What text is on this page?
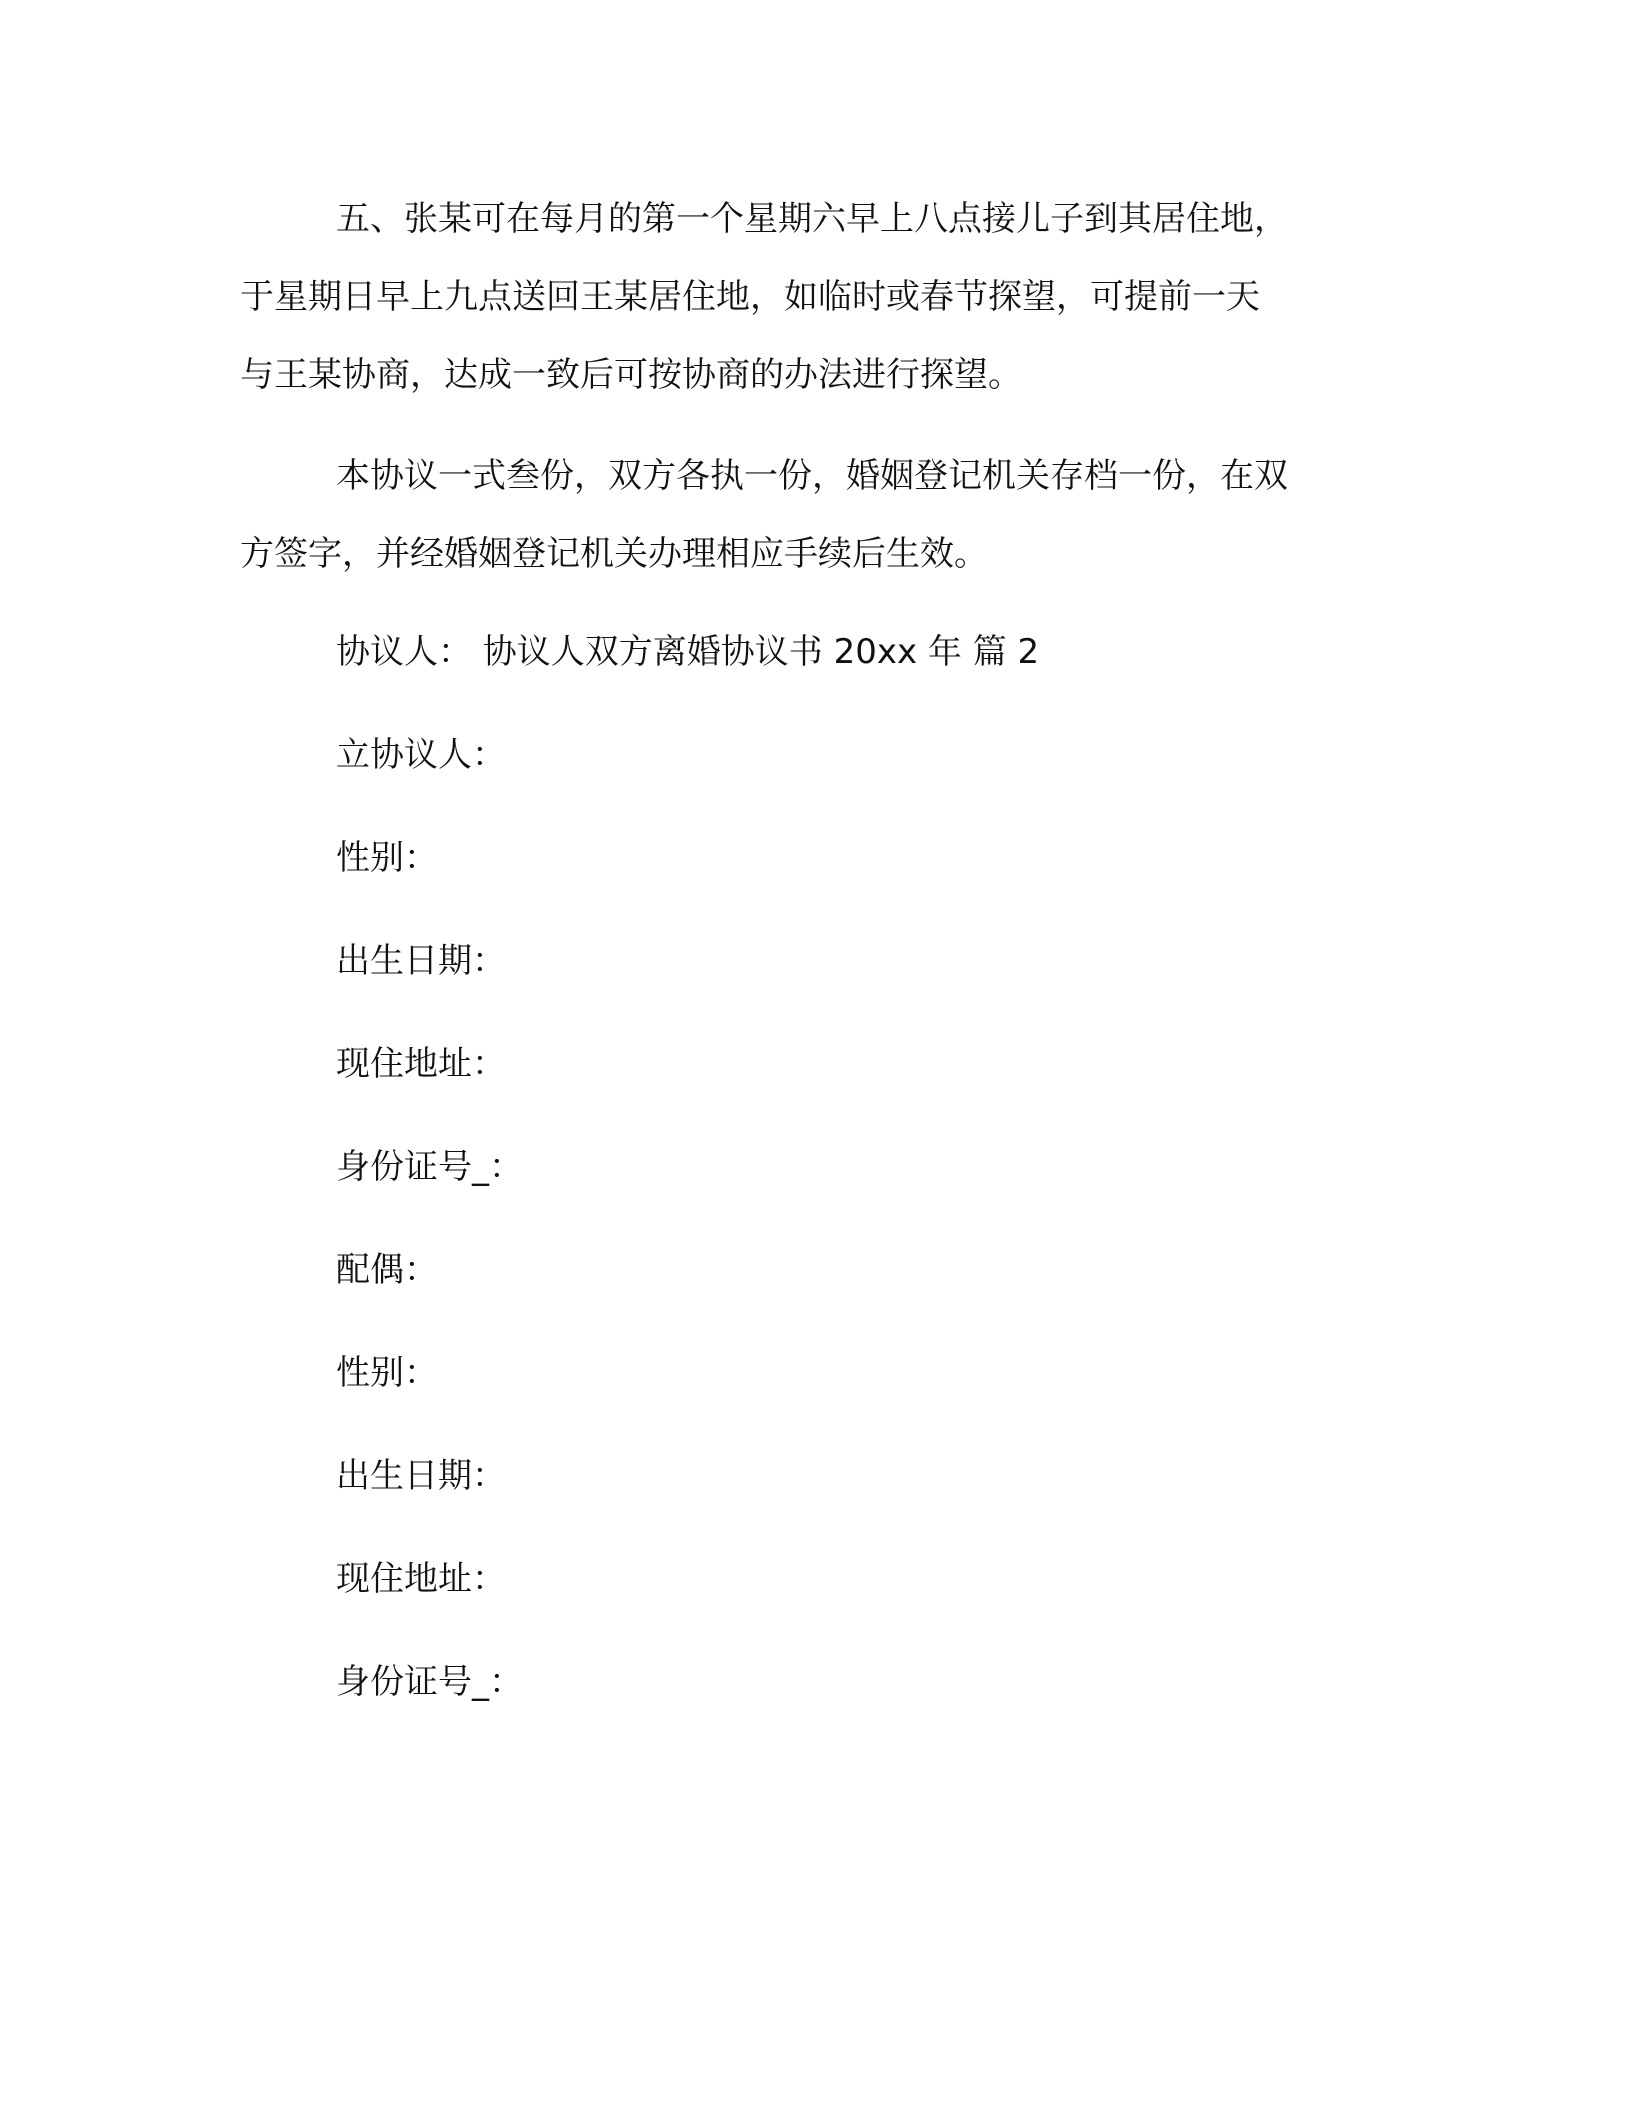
五、张某可在每月的第一个星期六早上八点接儿子到其居住地，
于星期日早上九点送回王某居住地，如临时或春节探望，可提前一天
与王某协商，达成一致后可按协商的办法进行探望。
本协议一式叁份，双方各执一份，婚姻登记机关存档一份，在双
方签字，并经婚姻登记机关办理相应手续后生效。
协议人： 协议人双方离婚协议书 20xx 年 篇 2
立协议人：
性别：
出生日期：
现住地址：
身份证号_：
配偶：
性别：
出生日期：
现住地址：
身份证号_：
